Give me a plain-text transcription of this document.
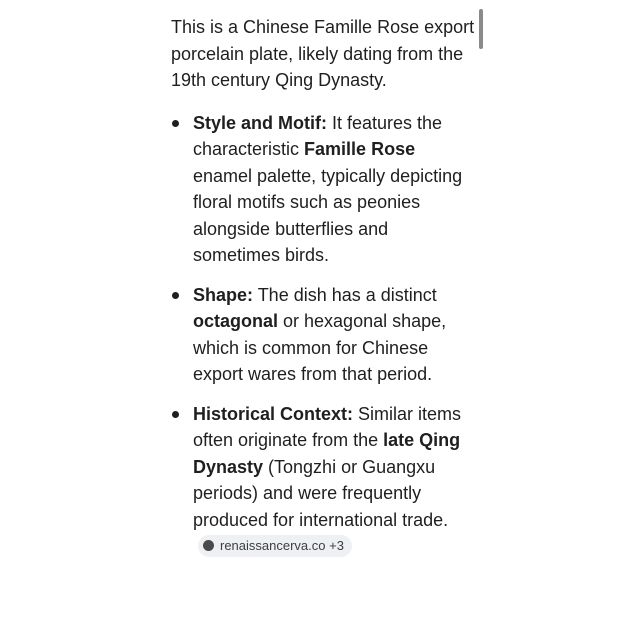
This is a Chinese Famille Rose export porcelain plate, likely dating from the 19th century Qing Dynasty.

Style and Motif: It features the characteristic Famille Rose enamel palette, typically depicting floral motifs such as peonies alongside butterflies and sometimes birds.
Shape: The dish has a distinct octagonal or hexagonal shape, which is common for Chinese export wares from that period.
Historical Context: Similar items often originate from the late Qing Dynasty (Tongzhi or Guangxu periods) and were frequently produced for international trade.
renaissancerva.co +3
